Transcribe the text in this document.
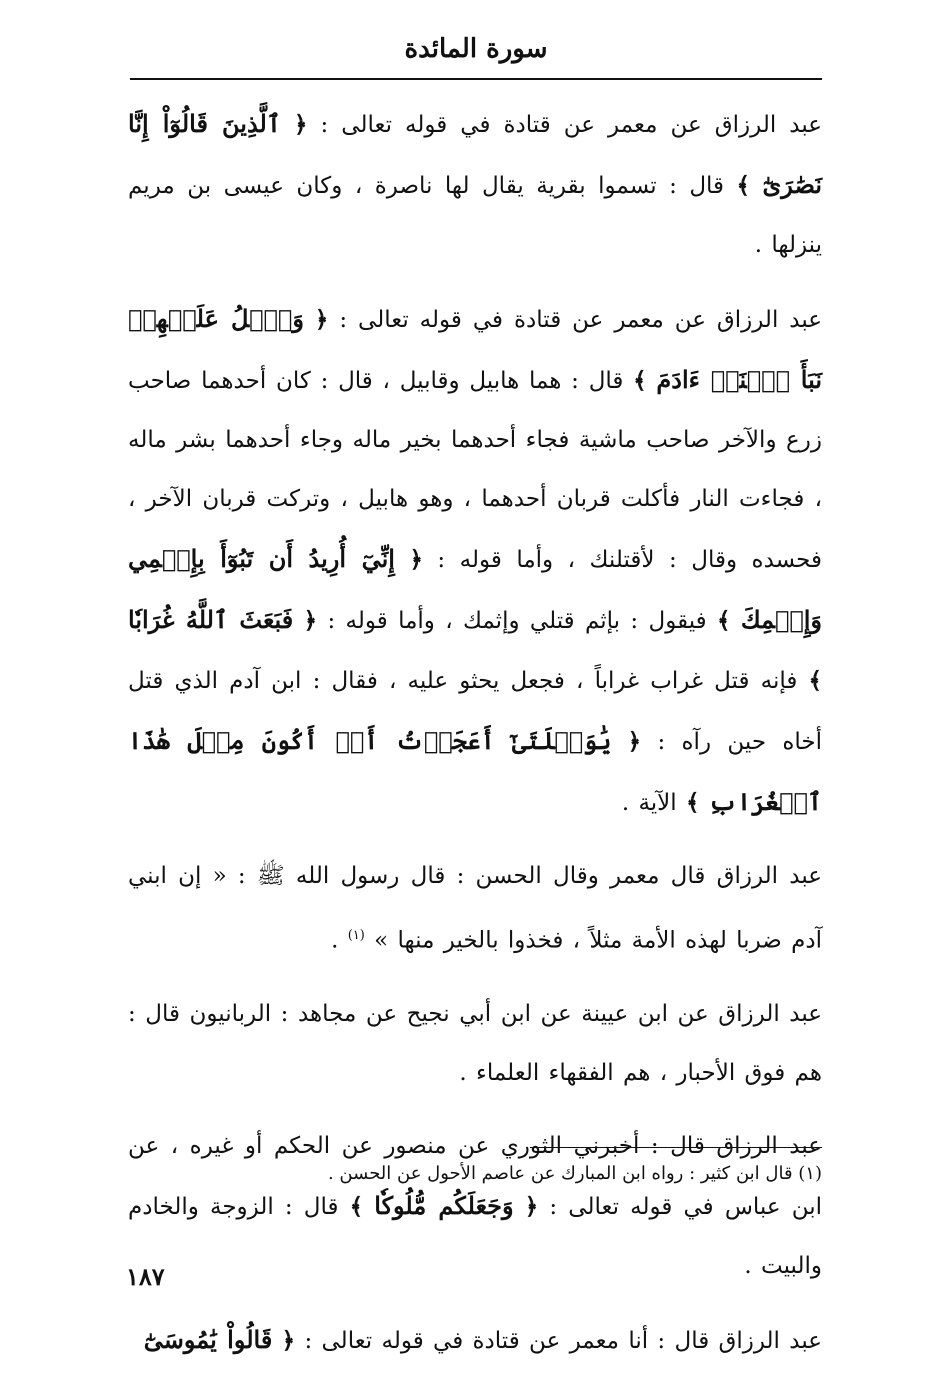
سورة المائدة

عبد الرزاق عن معمر عن قتادة في قوله تعالى : ﴿ ٱلَّذِينَ قَالُوٓاْ إِنَّا نَصَٰرَىٰٓ ﴾ قال : تسموا بقرية يقال لها ناصرة ، وكان عيسى بن مريم ينزلها .

عبد الرزاق عن معمر عن قتادة في قوله تعالى : ﴿ وَٱتۡلُ عَلَيۡهِمۡ نَبَأَ ٱبۡنَيۡ ءَادَمَ ﴾ قال : هما هابيل وقابيل ، قال : كان أحدهما صاحب زرع والآخر صاحب ماشية فجاء أحدهما بخير ماله وجاء أحدهما بشر ماله ، فجاءت النار فأكلت قربان أحدهما ، وهو هابيل ، وتركت قربان الآخر ، فحسده وقال : لأقتلنك ، وأما قوله : ﴿ إِنِّيٓ أُرِيدُ أَن تَبُوٓأَ بِإِثۡمِي وَإِثۡمِكَ ﴾ فيقول : بإثم قتلي وإثمك ، وأما قوله : ﴿ فَبَعَثَ ٱللَّهُ غُرَابٗا ﴾ فإنه قتل غراب غراباً ، فجعل يحثو عليه ، فقال : ابن آدم الذي قتل أخاه حين رآه : ﴿ يَٰوَيۡلَتَىٰٓ أَعَجَزۡتُ أَنۡ أَكُونَ مِثۡلَ هَٰذَا ٱلۡغُرَابِ ﴾ الآية .

عبد الرزاق قال معمر وقال الحسن : قال رسول الله ﷺ : « إن ابني آدم ضربا لهذه الأمة مثلاً ، فخذوا بالخير منها » $^{(١)}$ .

عبد الرزاق عن ابن عيينة عن ابن أبي نجيح عن مجاهد : الربانيون قال : هم فوق الأحبار ، هم الفقهاء العلماء .

عبد الرزاق قال : أخبرني الثوري عن منصور عن الحكم أو غيره ، عن ابن عباس في قوله تعالى : ﴿ وَجَعَلَكُم مُّلُوكٗا ﴾ قال : الزوجة والخادم والبيت .

عبد الرزاق قال : أنا معمر عن قتادة في قوله تعالى : ﴿ قَالُواْ يَٰمُوسَىٰٓ

(١) قال ابن كثير : رواه ابن المبارك عن عاصم الأحول عن الحسن .
١٨٧
